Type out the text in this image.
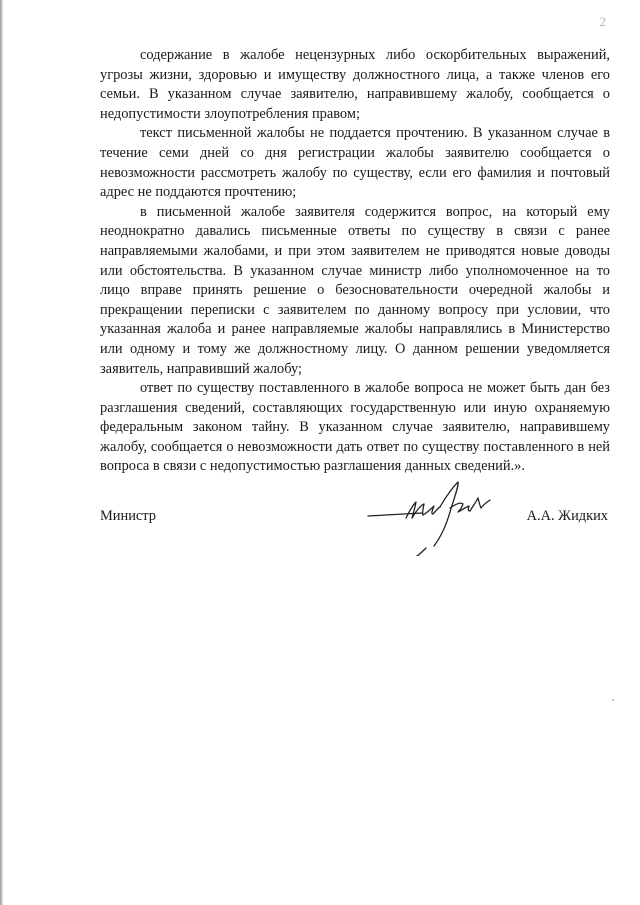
2

содержание в жалобе нецензурных либо оскорбительных выражений, угрозы жизни, здоровью и имуществу должностного лица, а также членов его семьи. В указанном случае заявителю, направившему жалобу, сообщается о недопустимости злоупотребления правом;

текст письменной жалобы не поддается прочтению. В указанном случае в течение семи дней со дня регистрации жалобы заявителю сообщается о невозможности рассмотреть жалобу по существу, если его фамилия и почтовый адрес не поддаются прочтению;

в письменной жалобе заявителя содержится вопрос, на который ему неоднократно давались письменные ответы по существу в связи с ранее направляемыми жалобами, и при этом заявителем не приводятся новые доводы или обстоятельства. В указанном случае министр либо уполномоченное на то лицо вправе принять решение о безосновательности очередной жалобы и прекращении переписки с заявителем по данному вопросу при условии, что указанная жалоба и ранее направляемые жалобы направлялись в Министерство или одному и тому же должностному лицу. О данном решении уведомляется заявитель, направивший жалобу;

ответ по существу поставленного в жалобе вопроса не может быть дан без разглашения сведений, составляющих государственную или иную охраняемую федеральным законом тайну. В указанном случае заявителю, направившему жалобу, сообщается о невозможности дать ответ по существу поставленного в ней вопроса в связи с недопустимостью разглашения данных сведений.».

Министр	А.А. Жидких
